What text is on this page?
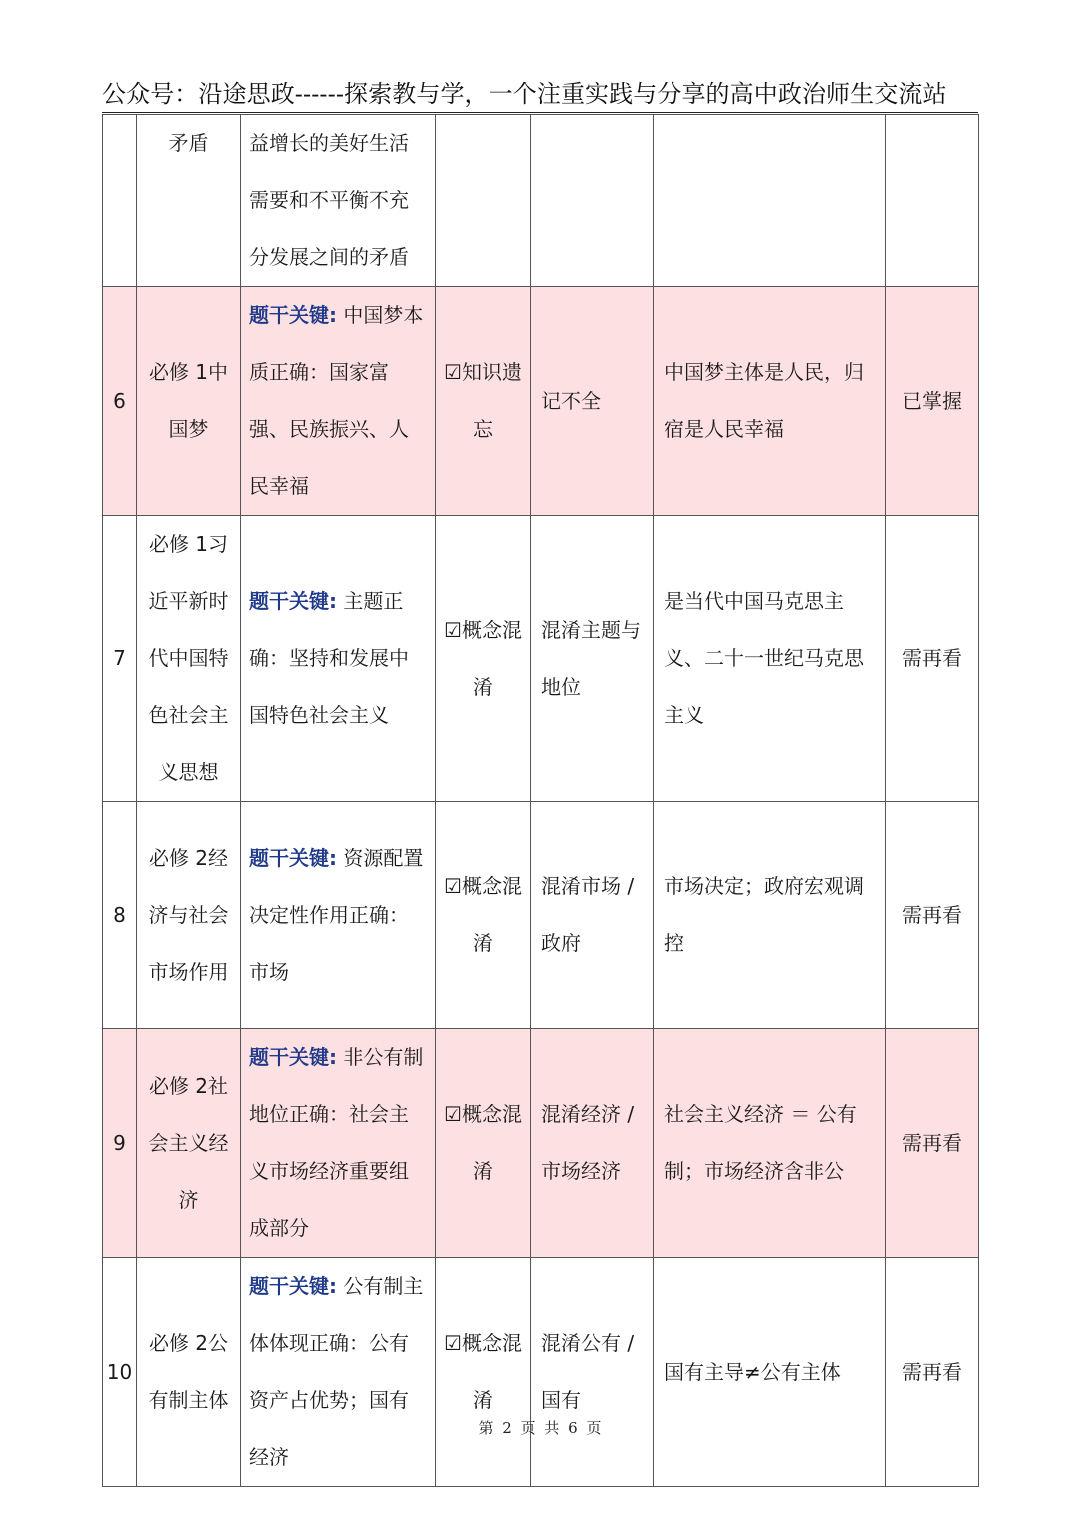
公众号：沿途思政------探索教与学，一个注重实践与分享的高中政治师生交流站
	矛盾	益增长的美好生活需要和不平衡不充分发展之间的矛盾				
6	必修 1中国梦	题干关键: 中国梦本质正确：国家富强、民族振兴、人民幸福	☑知识遗忘	记不全	中国梦主体是人民，归宿是人民幸福	已掌握
7	必修 1习近平新时代中国特色社会主义思想	题干关键: 主题正确：坚持和发展中国特色社会主义	☑概念混淆	混淆主题与地位	是当代中国马克思主义、二十一世纪马克思主义	需再看
8	必修 2经济与社会市场作用	题干关键: 资源配置决定性作用正确：市场	☑概念混淆	混淆市场 / 政府	市场决定；政府宏观调控	需再看
9	必修 2社会主义经济	题干关键: 非公有制地位正确：社会主义市场经济重要组成部分	☑概念混淆	混淆经济 / 市场经济	社会主义经济 ＝ 公有制；市场经济含非公	需再看
10	必修 2公有制主体	题干关键: 公有制主体体现正确：公有资产占优势；国有经济	☑概念混淆	混淆公有 / 国有	国有主导≠公有主体	需再看
第 2 页 共 6 页
